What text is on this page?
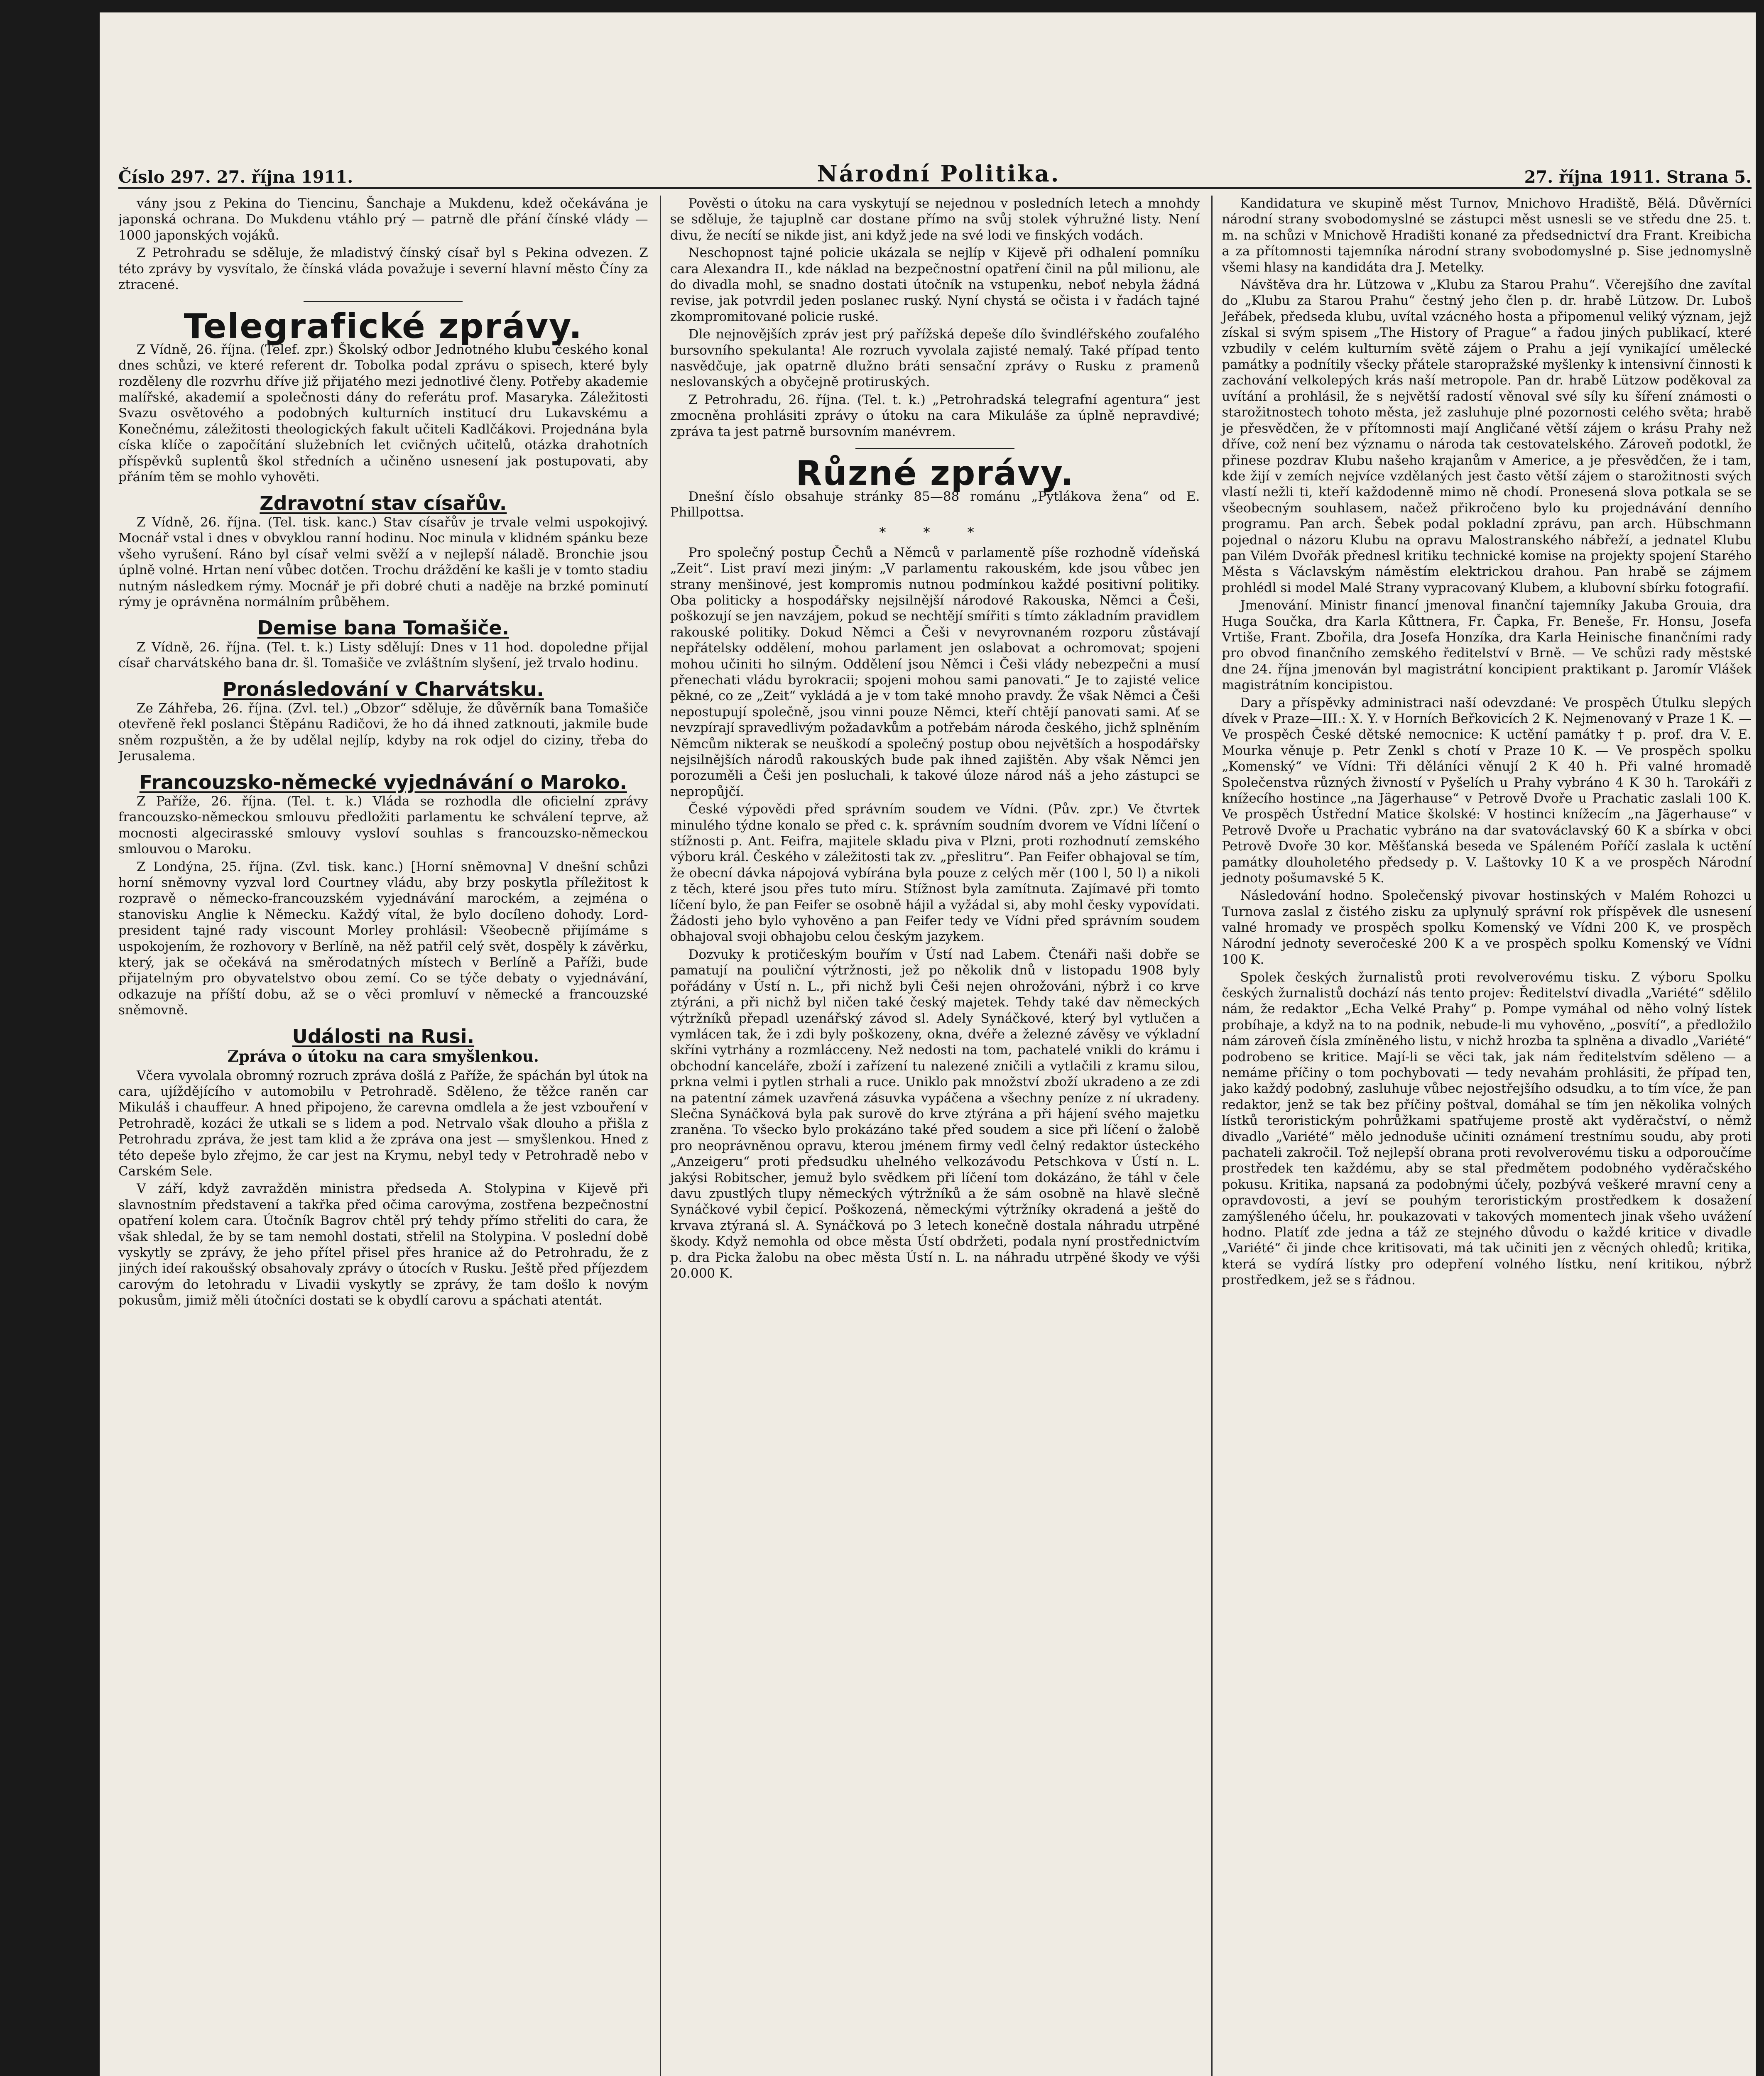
Číslo 297. 27. října 1911.	Národní Politika.	27. října 1911. Strana 5.

vány jsou z Pekina do Tiencinu, Šanchaje a Mukdenu, kdež očekávána je japonská ochrana. Do Mukdenu vtáhlo prý — patrně dle přání čínské vlády — 1000 japonských vojáků.

Z Petrohradu se sděluje, že mladistvý čínský císař byl s Pekina odvezen. Z této zprávy by vysvítalo, že čínská vláda považuje i severní hlavní město Číny za ztracené.

Telegrafické zprávy.

Z Vídně, 26. října. (Telef. zpr.) Školský odbor Jednotného klubu českého konal dnes schůzi, ve které referent dr. Tobolka podal zprávu o spisech, které byly rozděleny dle rozvrhu dříve již přijatého mezi jednotlivé členy. Potřeby akademie malířské, akademií a společnosti dány do referátu prof. Masaryka. Záležitosti Svazu osvětového a podobných kulturních institucí dru Lukavskému a Konečnému, záležitosti theologických fakult učiteli Kadlčákovi. Projednána byla císka klíče o započítání služebních let cvičných učitelů, otázka drahotních příspěvků suplentů škol středních a učiněno usnesení jak postupovati, aby přáním těm se mohlo vyhověti.

Zdravotní stav císařův.

Z Vídně, 26. října. (Tel. tisk. kanc.) Stav císařův je trvale velmi uspokojivý. Mocnář vstal i dnes v obvyklou ranní hodinu. Noc minula v klidném spánku beze všeho vyrušení. Ráno byl císař velmi svěží a v nejlepší náladě. Bronchie jsou úplně volné. Hrtan není vůbec dotčen. Trochu dráždění ke kašli je v tomto stadiu nutným následkem rýmy. Mocnář je při dobré chuti a naděje na brzké pominutí rýmy je oprávněna normálním průběhem.

Demise bana Tomašiče.

Z Vídně, 26. října. (Tel. t. k.) Listy sdělují: Dnes v 11 hod. dopoledne přijal císař charvátského bana dr. šl. Tomašiče ve zvláštním slyšení, jež trvalo hodinu.

Pronásledování v Charvátsku.

Ze Záhřeba, 26. října. (Zvl. tel.) „Obzor“ sděluje, že důvěrník bana Tomašiče otevřeně řekl poslanci Štěpánu Radičovi, že ho dá ihned zatknouti, jakmile bude sněm rozpuštěn, a že by udělal nejlíp, kdyby na rok odjel do ciziny, třeba do Jerusalema.

Francouzsko-německé vyjednávání o Maroko.

Z Paříže, 26. října. (Tel. t. k.) Vláda se rozhodla dle oficielní zprávy francouzsko-německou smlouvu předložiti parlamentu ke schválení teprve, až mocnosti algecirasské smlouvy vysloví souhlas s francouzsko-německou smlouvou o Maroku.

Z Londýna, 25. října. (Zvl. tisk. kanc.) [Horní sněmovna] V dnešní schůzi horní sněmovny vyzval lord Courtney vládu, aby brzy poskytla příležitost k rozpravě o německo-francouzském vyjednávání marockém, a zejména o stanovisku Anglie k Německu. Každý vítal, že bylo docíleno dohody. Lord-president tajné rady viscount Morley prohlásil: Všeobecně přijímáme s uspokojením, že rozhovory v Berlíně, na něž patřil celý svět, dospěly k závěrku, který, jak se očekává na směrodatných místech v Berlíně a Paříži, bude přijatelným pro obyvatelstvo obou zemí. Co se týče debaty o vyjednávání, odkazuje na příští dobu, až se o věci promluví v německé a francouzské sněmovně.

Události na Rusi.
Zpráva o útoku na cara smyšlenkou.

Včera vyvolala obromný rozruch zpráva došlá z Paříže, že spáchán byl útok na cara, ujíždějícího v automobilu v Petrohradě. Sděleno, že těžce raněn car Mikuláš i chauffeur. A hned připojeno, že carevna omdlela a že jest vzbouření v Petrohradě, kozáci že utkali se s lidem a pod. Netrvalo však dlouho a přišla z Petrohradu zpráva, že jest tam klid a že zpráva ona jest — smyšlenkou. Hned z této depeše bylo zřejmo, že car jest na Krymu, nebyl tedy v Petrohradě nebo v Carském Sele.

V září, když zavražděn ministra předseda A. Stolypina v Kijevě při slavnostním představení a takřka před očima carovýma, zostřena bezpečnostní opatření kolem cara. Útočník Bagrov chtěl prý tehdy přímo střeliti do cara, že však shledal, že by se tam nemohl dostati, střelil na Stolypina. V poslední době vyskytly se zprávy, že jeho přítel přisel přes hranice až do Petrohradu, že z jiných ideí rakoušský obsahovaly zprávy o útocích v Rusku. Ještě před příjezdem carovým do letohradu v Livadii vyskytly se zprávy, že tam došlo k novým pokusům, jimiž měli útočníci dostati se k obydlí carovu a spáchati atentát.

Pověsti o útoku na cara vyskytují se nejednou v posledních letech a mnohdy se sděluje, že tajuplně car dostane přímo na svůj stolek výhružné listy. Není divu, že necítí se nikde jist, ani když jede na své lodi ve finských vodách.

Neschopnost tajné policie ukázala se nejlíp v Kijevě při odhalení pomníku cara Alexandra II., kde náklad na bezpečnostní opatření činil na půl milionu, ale do divadla mohl, se snadno dostati útočník na vstupenku, neboť nebyla žádná revise, jak potvrdil jeden poslanec ruský. Nyní chystá se očista i v řadách tajné zkompromitované policie ruské.

Dle nejnovějších zpráv jest prý pařížská depeše dílo švindléřského zoufalého bursovního spekulanta! Ale rozruch vyvolala zajisté nemalý. Také případ tento nasvědčuje, jak opatrně dlužno bráti sensační zprávy o Rusku z pramenů neslovanských a obyčejně protiruských.

Z Petrohradu, 26. října. (Tel. t. k.) „Petrohradská telegrafní agentura“ jest zmocněna prohlásiti zprávy o útoku na cara Mikuláše za úplně nepravdivé; zpráva ta jest patrně bursovním manévrem.

Různé zprávy.

Dnešní číslo obsahuje stránky 85—88 románu „Pytlákova žena“ od E. Phillpottsa.

* * *

Pro společný postup Čechů a Němců v parlamentě píše rozhodně vídeňská „Zeit“. List praví mezi jiným: „V parlamentu rakouském, kde jsou vůbec jen strany menšinové, jest kompromis nutnou podmínkou každé positivní politiky. Oba politicky a hospodářsky nejsilnější národové Rakouska, Němci a Češi, poškozují se jen navzájem, pokud se nechtějí smířiti s tímto základním pravidlem rakouské politiky. Dokud Němci a Češi v nevyrovnaném rozporu zůstávají nepřátelsky oddělení, mohou parlament jen oslabovat a ochromovat; spojeni mohou učiniti ho silným. Oddělení jsou Němci i Češi vlády nebezpečni a musí přenechati vládu byrokracii; spojeni mohou sami panovati.“ Je to zajisté velice pěkné, co ze „Zeit“ vykládá a je v tom také mnoho pravdy. Že však Němci a Češi nepostupují společně, jsou vinni pouze Němci, kteří chtějí panovati sami. Ať se nevzpírají spravedlivým požadavkům a potřebám národa českého, jichž splněním Němcům nikterak se neuškodí a společný postup obou největších a hospodářsky nejsilnějších národů rakouských bude pak ihned zajištěn. Aby však Němci jen porozuměli a Češi jen posluchali, k takové úloze národ náš a jeho zástupci se nepropůjčí.

České výpovědi před správním soudem ve Vídni. (Pův. zpr.) Ve čtvrtek minulého týdne konalo se před c. k. správním soudním dvorem ve Vídni líčení o stížnosti p. Ant. Feifra, majitele skladu piva v Plzni, proti rozhodnutí zemského výboru král. Českého v záležitosti tak zv. „přeslitru“. Pan Feifer obhajoval se tím, že obecní dávka nápojová vybírána byla pouze z celých měr (100 l, 50 l) a nikoli z těch, které jsou přes tuto míru. Stížnost byla zamítnuta. Zajímavé při tomto líčení bylo, že pan Feifer se osobně hájil a vyžádal si, aby mohl česky vypovídati. Žádosti jeho bylo vyhověno a pan Feifer tedy ve Vídni před správním soudem obhajoval svoji obhajobu celou českým jazykem.

Dozvuky k protičeským bouřím v Ústí nad Labem. Čtenáři naši dobře se pamatují na pouliční výtržnosti, jež po několik dnů v listopadu 1908 byly pořádány v Ústí n. L., při nichž byli Češi nejen ohrožováni, nýbrž i co krve ztýráni, a při nichž byl ničen také český majetek. Tehdy také dav německých výtržníků přepadl uzenářský závod sl. Adely Synáčkové, který byl vytlučen a vymlácen tak, že i zdi byly poškozeny, okna, dvéře a železné závěsy ve výkladní skříni vytrhány a rozmlácceny. Než nedosti na tom, pachatelé vnikli do krámu i obchodní kanceláře, zboží i zařízení tu nalezené zničili a vytlačili z kramu silou, prkna velmi i pytlen strhali a ruce. Uniklo pak množství zboží ukradeno a ze zdi na patentní zámek uzavřená zásuvka vypáčena a všechny peníze z ní ukradeny. Slečna Synáčková byla pak surově do krve ztýrána a při hájení svého majetku zraněna. To všecko bylo prokázáno také před soudem a sice při líčení o žalobě pro neoprávněnou opravu, kterou jménem firmy vedl čelný redaktor ústeckého „Anzeigeru“ proti předsudku uhelného velkozávodu Petschkova v Ústí n. L. jakýsi Robitscher, jemuž bylo svědkem při líčení tom dokázáno, že táhl v čele davu zpustlých tlupy německých výtržníků a že sám osobně na hlavě slečně Synáčkové vybil čepicí. Poškozená, německými výtržníky okradená a ještě do krvava ztýraná sl. A. Synáčková po 3 letech konečně dostala náhradu utrpěné škody. Když nemohla od obce města Ústí obdržeti, podala nyní prostřednictvím p. dra Picka žalobu na obec města Ústí n. L. na náhradu utrpěné škody ve výši 20.000 K.

Kandidatura ve skupině měst Turnov, Mnichovo Hradiště, Bělá. Důvěrníci národní strany svobodomyslné se zástupci měst usnesli se ve středu dne 25. t. m. na schůzi v Mnichově Hradišti konané za předsednictví dra Frant. Kreibicha a za přítomnosti tajemníka národní strany svobodomyslné p. Sise jednomyslně všemi hlasy na kandidáta dra J. Metelky.

Návštěva dra hr. Lützowa v „Klubu za Starou Prahu“. Včerejšího dne zavítal do „Klubu za Starou Prahu“ čestný jeho člen p. dr. hrabě Lützow. Dr. Luboš Jeřábek, předseda klubu, uvítal vzácného hosta a připomenul veliký význam, jejž získal si svým spisem „The History of Prague“ a řadou jiných publikací, které vzbudily v celém kulturním světě zájem o Prahu a její vynikající umělecké památky a podnítily všecky přátele staropražské myšlenky k intensivní činnosti k zachování velkolepých krás naší metropole. Pan dr. hrabě Lützow poděkoval za uvítání a prohlásil, že s největší radostí věnoval své síly ku šíření známosti o starožitnostech tohoto města, jež zasluhuje plné pozornosti celého světa; hrabě je přesvědčen, že v přítomnosti mají Angličané větší zájem o krásu Prahy než dříve, což není bez významu o národa tak cestovatelského. Zároveň podotkl, že přinese pozdrav Klubu našeho krajanům v Americe, a je přesvědčen, že i tam, kde žijí v zemích nejvíce vzdělaných jest často větší zájem o starožitnosti svých vlastí nežli ti, kteří každodenně mimo ně chodí. Pronesená slova potkala se se všeobecným souhlasem, načež přikročeno bylo ku projednávání denního programu. Pan arch. Šebek podal pokladní zprávu, pan arch. Hübschmann pojednal o názoru Klubu na opravu Malostranského nábřeží, a jednatel Klubu pan Vilém Dvořák přednesl kritiku technické komise na projekty spojení Starého Města s Václavským náměstím elektrickou drahou. Pan hrabě se zájmem prohlédl si model Malé Strany vypracovaný Klubem, a klubovní sbírku fotografií.

Jmenování. Ministr financí jmenoval finanční tajemníky Jakuba Grouia, dra Huga Součka, dra Karla Kůttnera, Fr. Čapka, Fr. Beneše, Fr. Honsu, Josefa Vrtiše, Frant. Zbořila, dra Josefa Honzíka, dra Karla Heinische finančními rady pro obvod finančního zemského ředitelství v Brně. — Ve schůzi rady městské dne 24. října jmenován byl magistrátní koncipient praktikant p. Jaromír Vlášek magistrátním koncipistou.

Dary a příspěvky administraci naší odevzdané: Ve prospěch Útulku slepých dívek v Praze—III.: X. Y. v Horních Beřkovicích 2 K. Nejmenovaný v Praze 1 K. — Ve prospěch České dětské nemocnice: K uctění památky † p. prof. dra V. E. Mourka věnuje p. Petr Zenkl s chotí v Praze 10 K. — Ve prospěch spolku „Komenský“ ve Vídni: Tři děláníci věnují 2 K 40 h. Při valné hromadě Společenstva různých živností v Pyšelích u Prahy vybráno 4 K 30 h. Tarokáři z knížecího hostince „na Jägerhause“ v Petrově Dvoře u Prachatic zaslali 100 K. Ve prospěch Ústřední Matice školské: V hostinci knížecím „na Jägerhause“ v Petrově Dvoře u Prachatic vybráno na dar svatováclavský 60 K a sbírka v obci Petrově Dvoře 30 kor. Měšťanská beseda ve Spáleném Poříčí zaslala k uctění památky dlouholetého předsedy p. V. Laštovky 10 K a ve prospěch Národní jednoty pošumavské 5 K.

Následování hodno. Společenský pivovar hostinských v Malém Rohozci u Turnova zaslal z čistého zisku za uplynulý správní rok příspěvek dle usnesení valné hromady ve prospěch spolku Komenský ve Vídni 200 K, ve prospěch Národní jednoty severočeské 200 K a ve prospěch spolku Komenský ve Vídni 100 K.

Spolek českých žurnalistů proti revolverovému tisku. Z výboru Spolku českých žurnalistů dochází nás tento projev: Ředitelství divadla „Variété“ sdělilo nám, že redaktor „Echa Velké Prahy“ p. Pompe vymáhal od něho volný lístek probíhaje, a když na to na podnik, nebude-li mu vyhověno, „posvítí“, a předložilo nám zároveň čísla zmíněného listu, v nichž hrozba ta splněna a divadlo „Variété“ podrobeno se kritice. Mají-li se věci tak, jak nám ředitelstvím sděleno — a nemáme příčiny o tom pochybovati — tedy nevahám prohlásiti, že případ ten, jako každý podobný, zasluhuje vůbec nejostřejšího odsudku, a to tím více, že pan redaktor, jenž se tak bez příčiny poštval, domáhal se tím jen několika volných lístků teroristickým pohrůžkami spatřujeme prostě akt vyděračství, o němž divadlo „Variété“ mělo jednoduše učiniti oznámení trestnímu soudu, aby proti pachateli zakročil. Tož nejlepší obrana proti revolverovému tisku a odporoučíme prostředek ten každému, aby se stal předmětem podobného vyděračského pokusu. Kritika, napsaná za podobnými účely, pozbývá veškeré mravní ceny a opravdovosti, a jeví se pouhým teroristickým prostředkem k dosažení zamýšleného účelu, hr. poukazovati v takových momentech jinak všeho uvážení hodno. Platíť zde jedna a táž ze stejného důvodu o každé kritice v divadle „Variété“ či jinde chce kritisovati, má tak učiniti jen z věcných ohledů; kritika, která se vydírá lístky pro odepření volného lístku, není kritikou, nýbrž prostředkem, jež se s řádnou.
